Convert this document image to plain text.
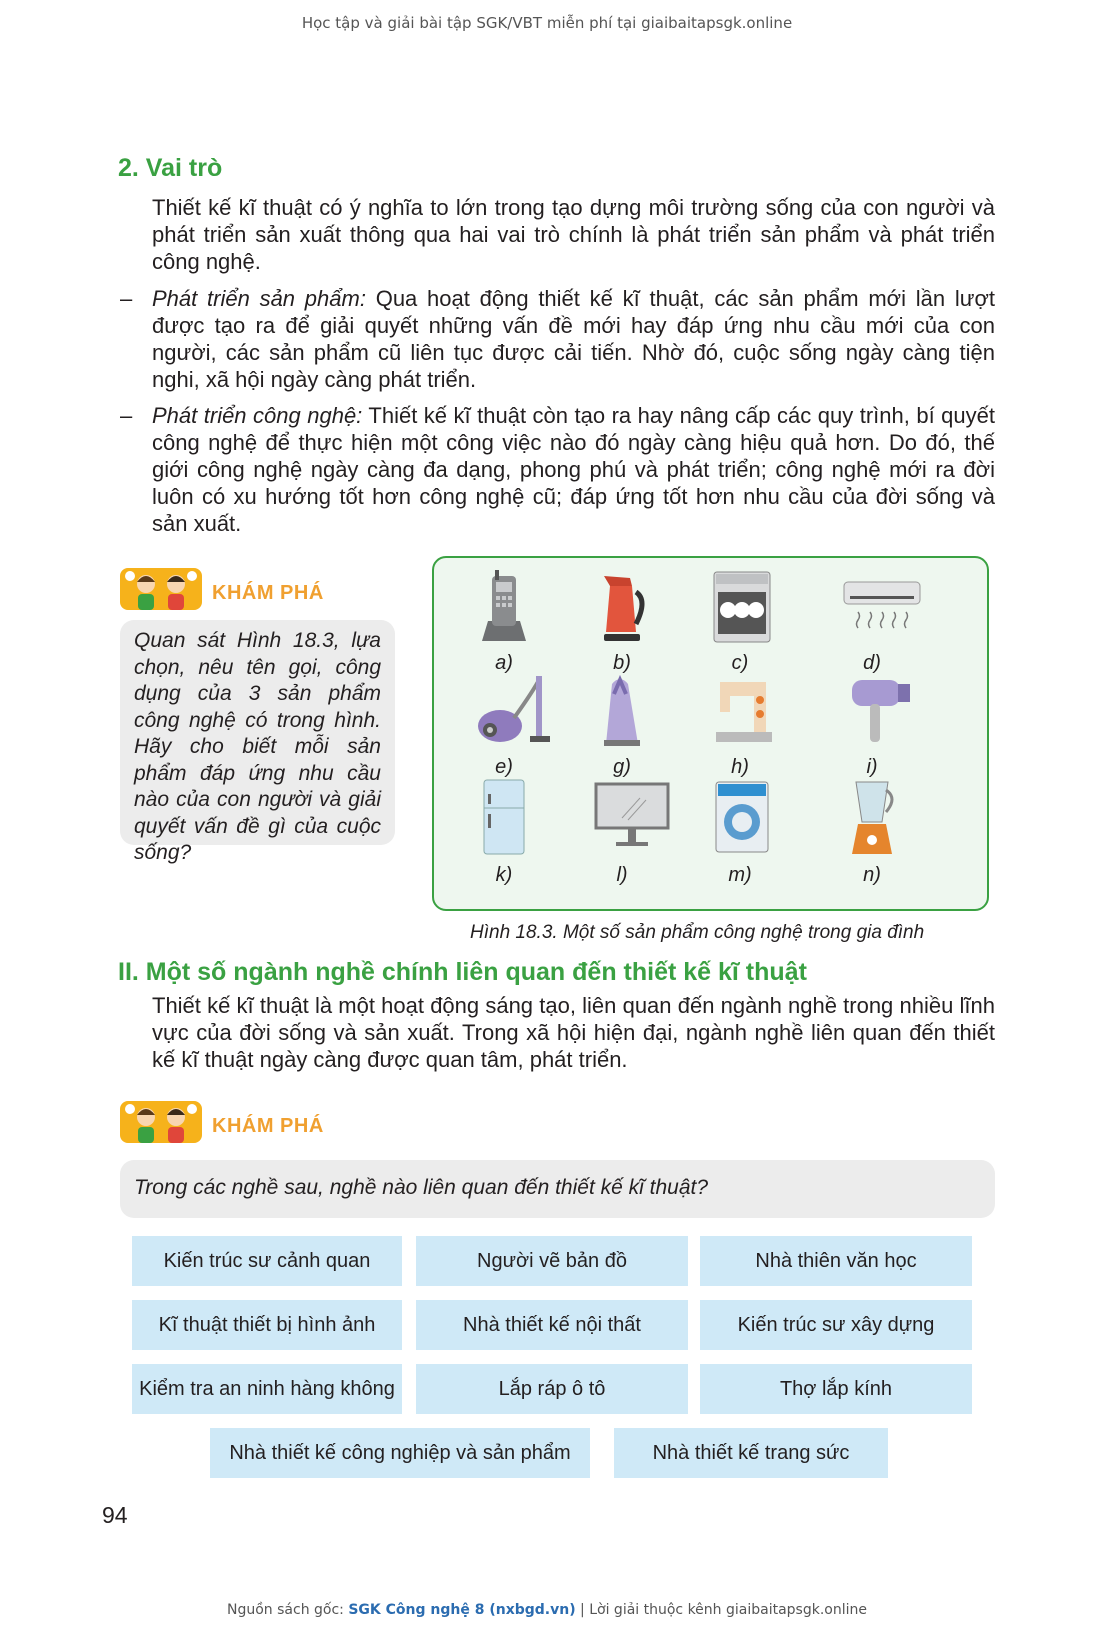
Học tập và giải bài tập SGK/VBT miễn phí tại giaibaitapsgk.online
2. Vai trò
Thiết kế kĩ thuật có ý nghĩa to lớn trong tạo dựng môi trường sống của con người và phát triển sản xuất thông qua hai vai trò chính là phát triển sản phẩm và phát triển công nghệ.
– Phát triển sản phẩm: Qua hoạt động thiết kế kĩ thuật, các sản phẩm mới lần lượt được tạo ra để giải quyết những vấn đề mới hay đáp ứng nhu cầu mới của con người, các sản phẩm cũ liên tục được cải tiến. Nhờ đó, cuộc sống ngày càng tiện nghi, xã hội ngày càng phát triển.
– Phát triển công nghệ: Thiết kế kĩ thuật còn tạo ra hay nâng cấp các quy trình, bí quyết công nghệ để thực hiện một công việc nào đó ngày càng hiệu quả hơn. Do đó, thế giới công nghệ ngày càng đa dạng, phong phú và phát triển; công nghệ mới ra đời luôn có xu hướng tốt hơn công nghệ cũ; đáp ứng tốt hơn nhu cầu của đời sống và sản xuất.
KHÁM PHÁ

Quan sát Hình 18.3, lựa chọn, nêu tên gọi, công dụng của 3 sản phẩm công nghệ có trong hình. Hãy cho biết mỗi sản phẩm đáp ứng nhu cầu nào của con người và giải quyết vấn đề gì của cuộc sống?

a)	b)	c)	d)
e)	g)	h)	i)
k)	l)	m)	n)
Hình 18.3. Một số sản phẩm công nghệ trong gia đình
II. Một số ngành nghề chính liên quan đến thiết kế kĩ thuật
Thiết kế kĩ thuật là một hoạt động sáng tạo, liên quan đến ngành nghề trong nhiều lĩnh vực của đời sống và sản xuất. Trong xã hội hiện đại, ngành nghề liên quan đến thiết kế kĩ thuật ngày càng được quan tâm, phát triển.
KHÁM PHÁ

Trong các nghề sau, nghề nào liên quan đến thiết kế kĩ thuật?

Kiến trúc sư cảnh quan	Người vẽ bản đồ	Nhà thiên văn học
Kĩ thuật thiết bị hình ảnh	Nhà thiết kế nội thất	Kiến trúc sư xây dựng
Kiểm tra an ninh hàng không	Lắp ráp ô tô	Thợ lắp kính
Nhà thiết kế công nghiệp và sản phẩm	Nhà thiết kế trang sức
94
Nguồn sách gốc: SGK Công nghệ 8 (nxbgd.vn) | Lời giải thuộc kênh giaibaitapsgk.online
